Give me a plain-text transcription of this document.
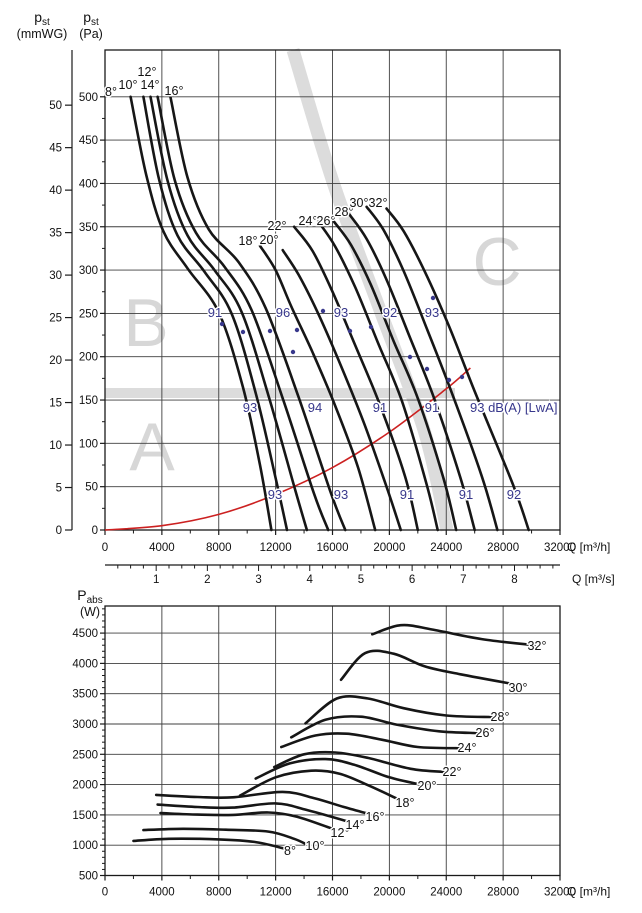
B
A
C
0
5
10
15
20
25
30
35
40
45
50
0
50
100
150
200
250
300
350
400
450
500
0	4000	8000 12000 16000 20000 24000 28000 32000
Q [m³/h]
1	2	3	4	5	6	7	8	Q [m³/s]
91	96	93	92 93
93	94	91	91 93 dB(A) [LwA]
93	93	91	91	92
8° 10°
12°
14° 16°
18° 20°
22° 24° 26°
28°
30° 32°
500
1000
1500
2000
2500
3000
3500
4000
4500
0	4000	8000 12000 16000 20000 24000 28000 32000
Q [m³/h]
8° 10°
12°
14°
16°
18°
20°
22°
24°
26°
28°
30°
32°
$p_{st}$
(mmWG)
$p_{st}$
(Pa)
$P_{abs}$
(W)
